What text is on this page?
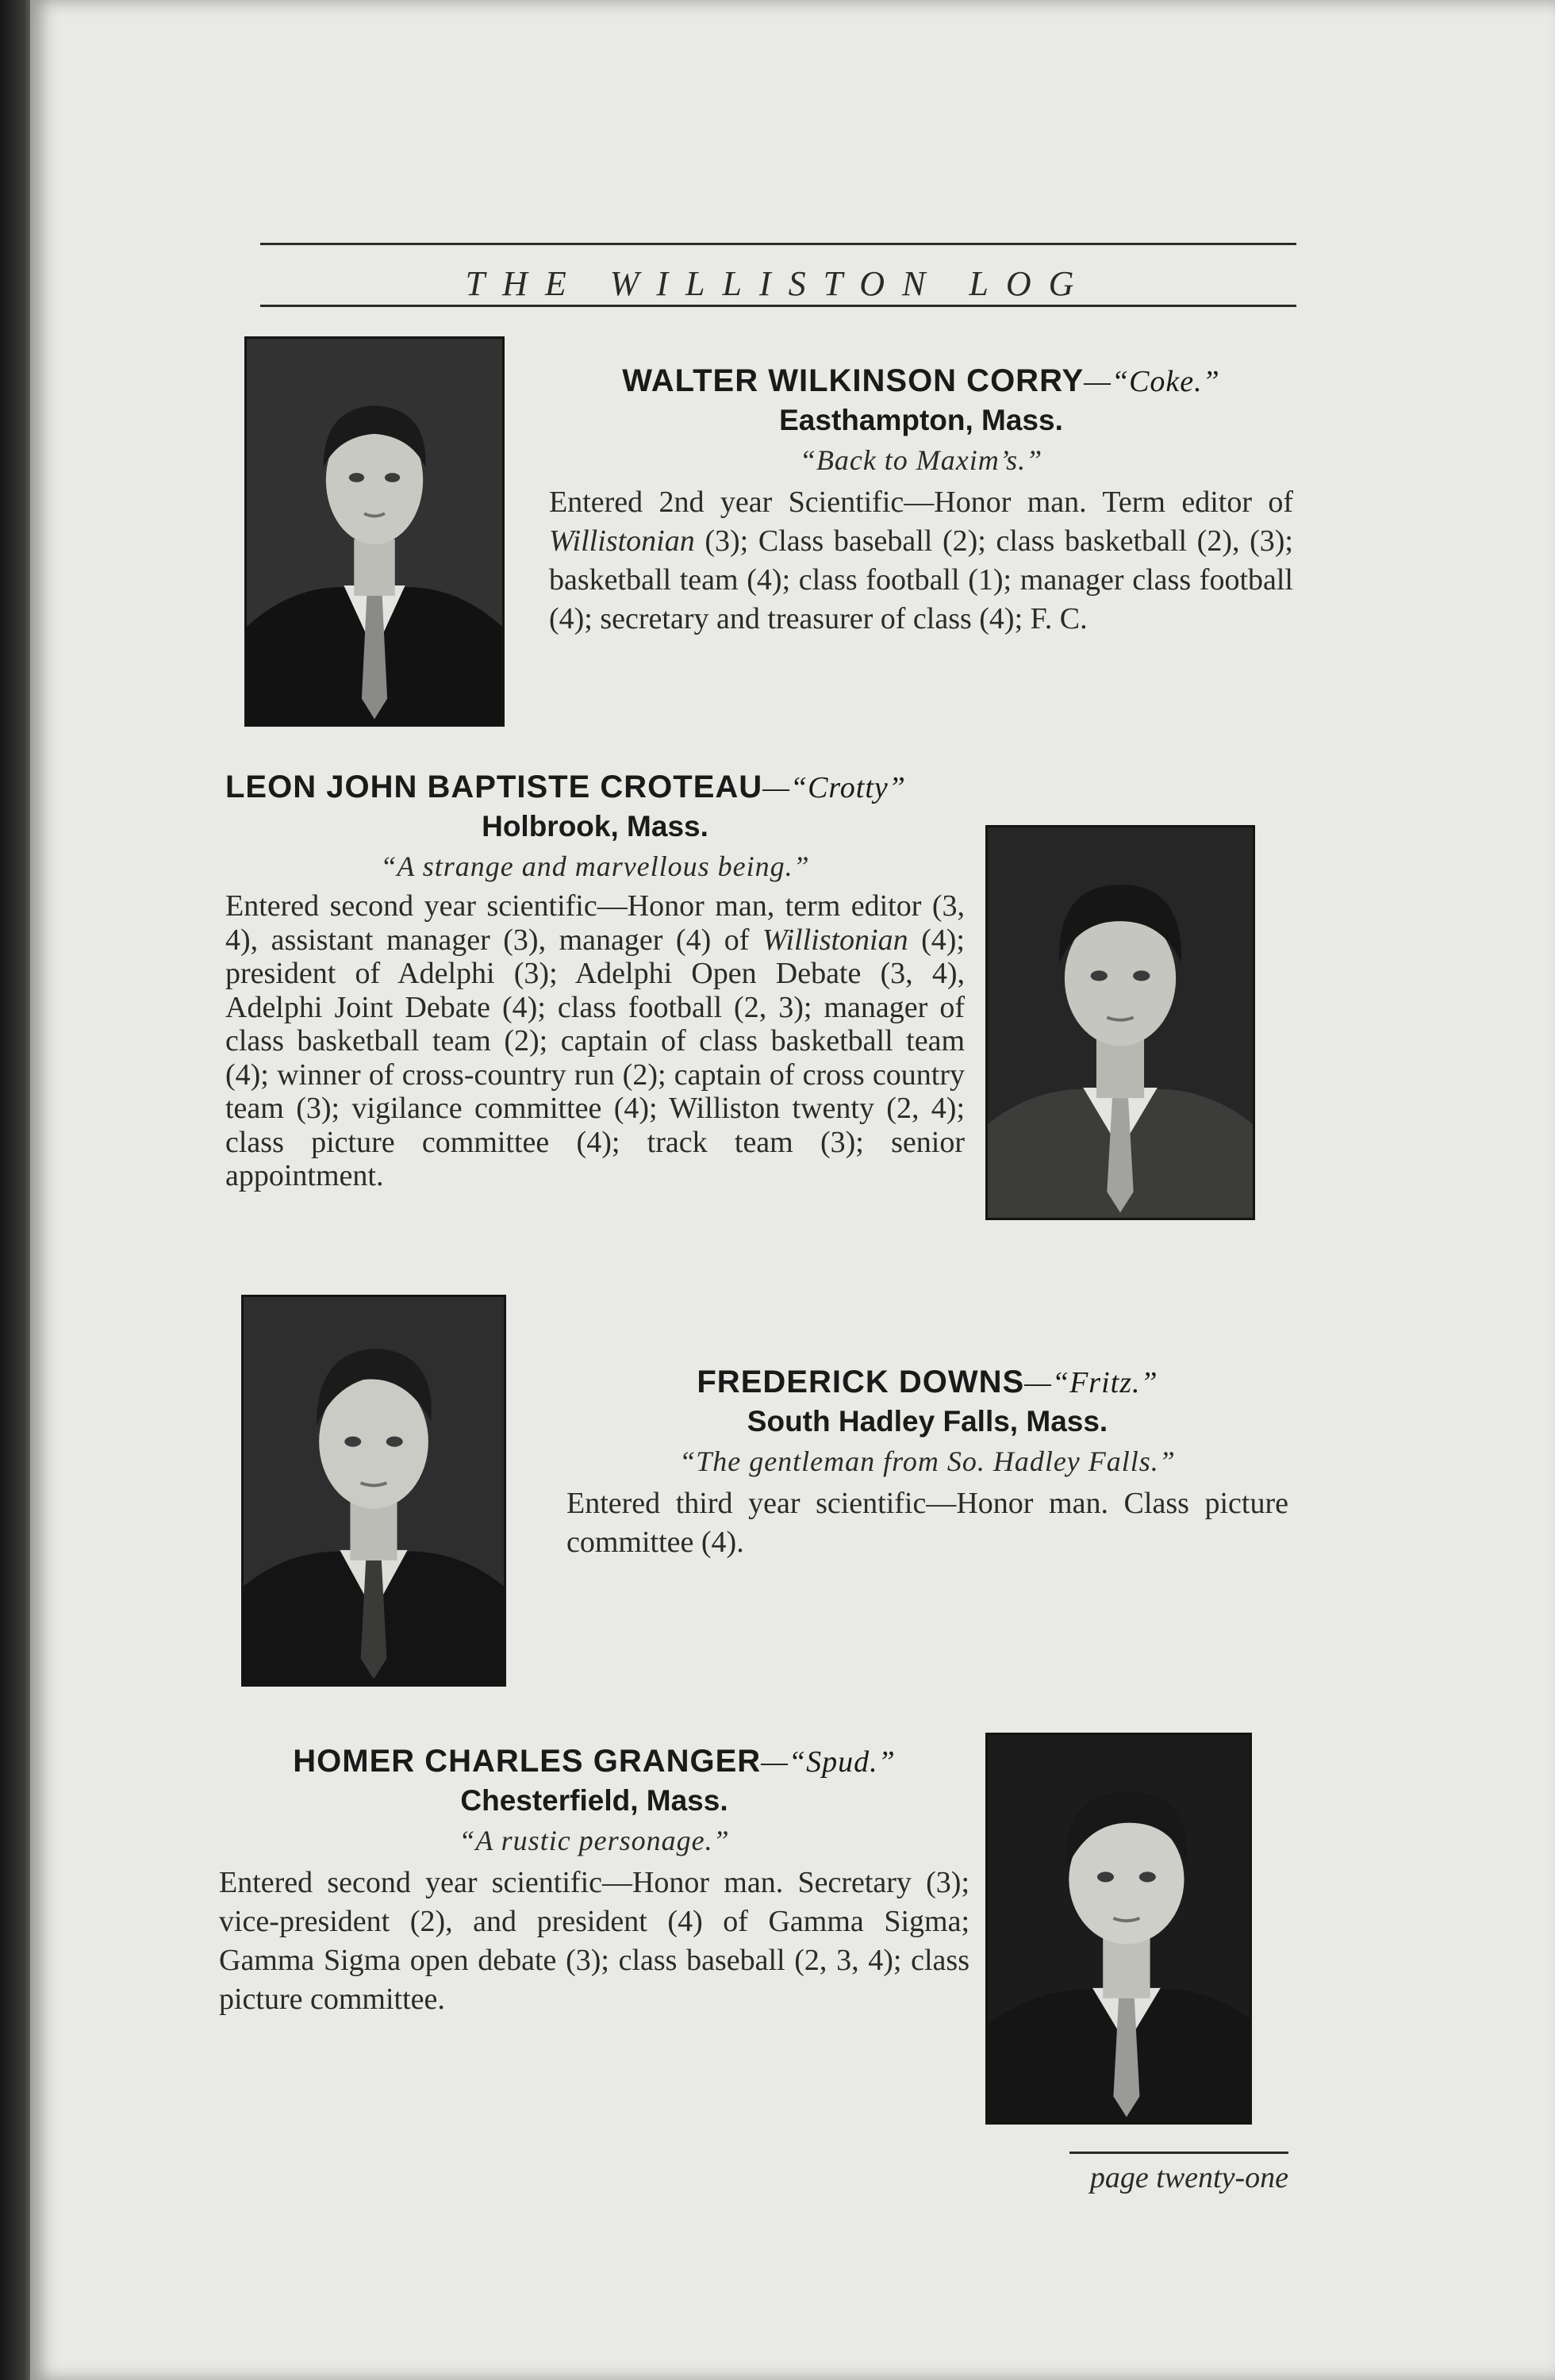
THE WILLISTON LOG
WALTER WILKINSON CORRY—“Coke.”
Easthampton, Mass.
“Back to Maxim’s.”
Entered 2nd year Scientific—Honor man. Term editor of Willistonian (3); Class baseball (2); class basketball (2), (3); basketball team (4); class football (1); manager class football (4); secretary and treasurer of class (4); F. C.
LEON JOHN BAPTISTE CROTEAU—“Crotty”
Holbrook, Mass.
“A strange and marvellous being.”
Entered second year scientific—Honor man, term editor (3, 4), assistant manager (3), manager (4) of Willistonian (4); president of Adelphi (3); Adelphi Open Debate (3, 4), Adelphi Joint Debate (4); class football (2, 3); manager of class basketball team (2); captain of class basketball team (4); winner of cross-country run (2); captain of cross country team (3); vigilance committee (4); Williston twenty (2, 4); class picture committee (4); track team (3); senior appointment.
FREDERICK DOWNS—“Fritz.”
South Hadley Falls, Mass.
“The gentleman from So. Hadley Falls.”
Entered third year scientific—Honor man. Class picture committee (4).
HOMER CHARLES GRANGER—“Spud.”
Chesterfield, Mass.
“A rustic personage.”
Entered second year scientific—Honor man. Secretary (3); vice-president (2), and president (4) of Gamma Sigma; Gamma Sigma open debate (3); class baseball (2, 3, 4); class picture committee.
page twenty-one
